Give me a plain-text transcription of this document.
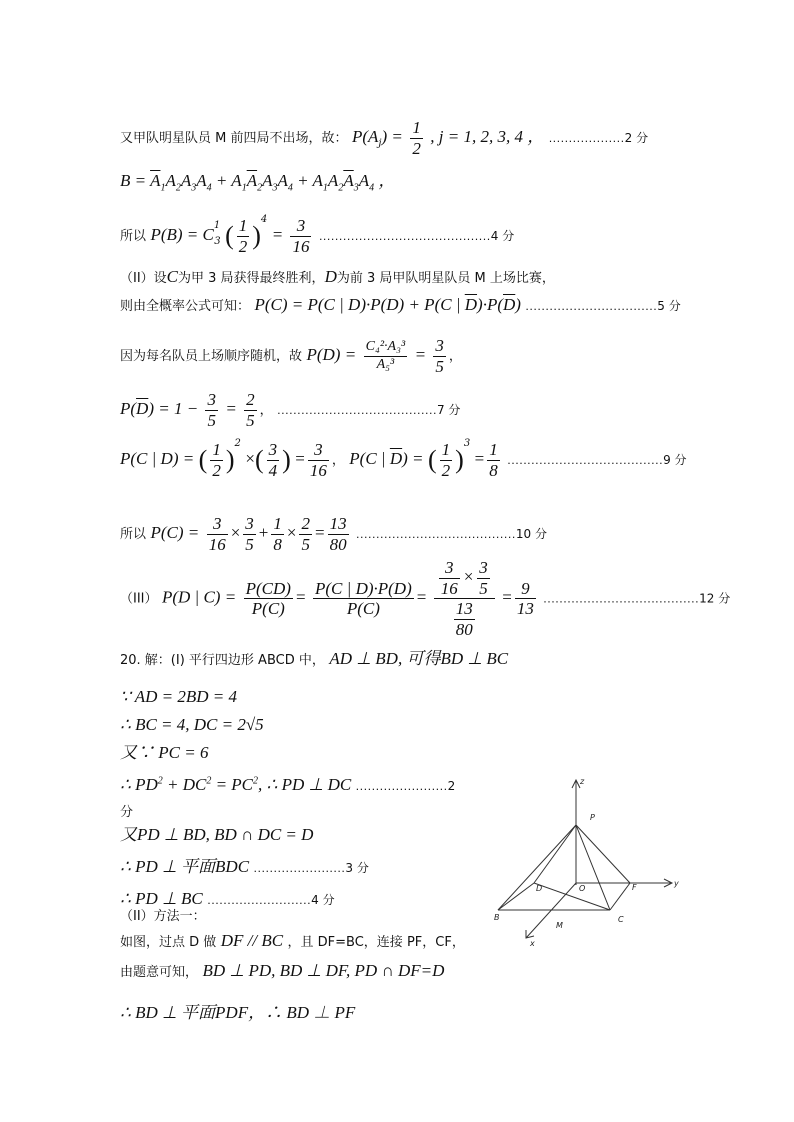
又甲队明星队员 M 前四局不出场，故： $P(A_j) = \frac{1}{2}$ , j = 1, 2, 3, 4 ， ...................2 分
$B = \overline{A}_1A_2A_3A_4 + A_1\overline{A}_2A_3A_4 + A_1A_2\overline{A}_3A_4$ ，
所以 $P(B) = C^1_3$ ( $\frac{1}{2} )^4 = \frac{3}{16} ...........................................4$ 分
（II）设C为甲 3 局获得最终胜利，D为前 3 局甲队明星队员 M 上场比赛，
则由全概率公式可知： P(C) = P(C | D)·P(D) + P(C | $\overline{D})\cdot P(\overline{D})$ .................................5 分
因为每名队员上场顺序随机，故 $P(D) = \frac{\text{C₄²·A₃³}}{\text{A₅³}} = \frac{3}{5}$ ，
$P(\overline{D}) = 1 - \frac{3}{5} = \frac{2}{5}$ ， ........................................7 分
P(C | D) = ( $\frac{1}{2} )^2$ ×( $\frac{3}{4}$ ) = $\frac{3}{16}$ ， P(C | $\overline{D}$) = ( $\frac{1}{2} )^3 = \frac{1}{8} .......................................9$ 分
所以 $P(C) = \frac{3}{16} \times \frac{3}{5} + \frac{1}{8} \times \frac{2}{5} = \frac{13}{80} ........................................10$ 分
（III） P(D | $C) = \frac{P(CD)}{P(C)} = \frac{P(C | D)\cdot P(D)}{P(C)} = \frac{\frac{3}{16} \times \frac{3}{5}}{\frac{13}{80}} = \frac{9}{13} .......................................12$ 分
20. 解：(I) 平行四边形 ABCD 中， AD ⊥ BD, 可得BD ⊥ BC
∵ AD = 2BD = 4
∴ BC = 4, DC = 2√5
又∵ PC = 6
∴ $PD^2 + DC^2 = PC^2$, ∴ PD ⊥ DC .......................2
分
又PD ⊥ BD, BD ∩ DC = D
∴ PD ⊥ 平面BDC .......................3 分
∴ PD ⊥ BC ..........................4 分
（II）方法一：
如图，过点 D 做 DF // BC ，且 DF=BC，连接 PF，CF，
由题意可知， BD ⊥ PD, BD ⊥ DF, PD ∩ DF=D
∴ BD ⊥ 平面PDF，∴ BD ⊥ PF
z
P
y
D	O	F
B	C
M
x
